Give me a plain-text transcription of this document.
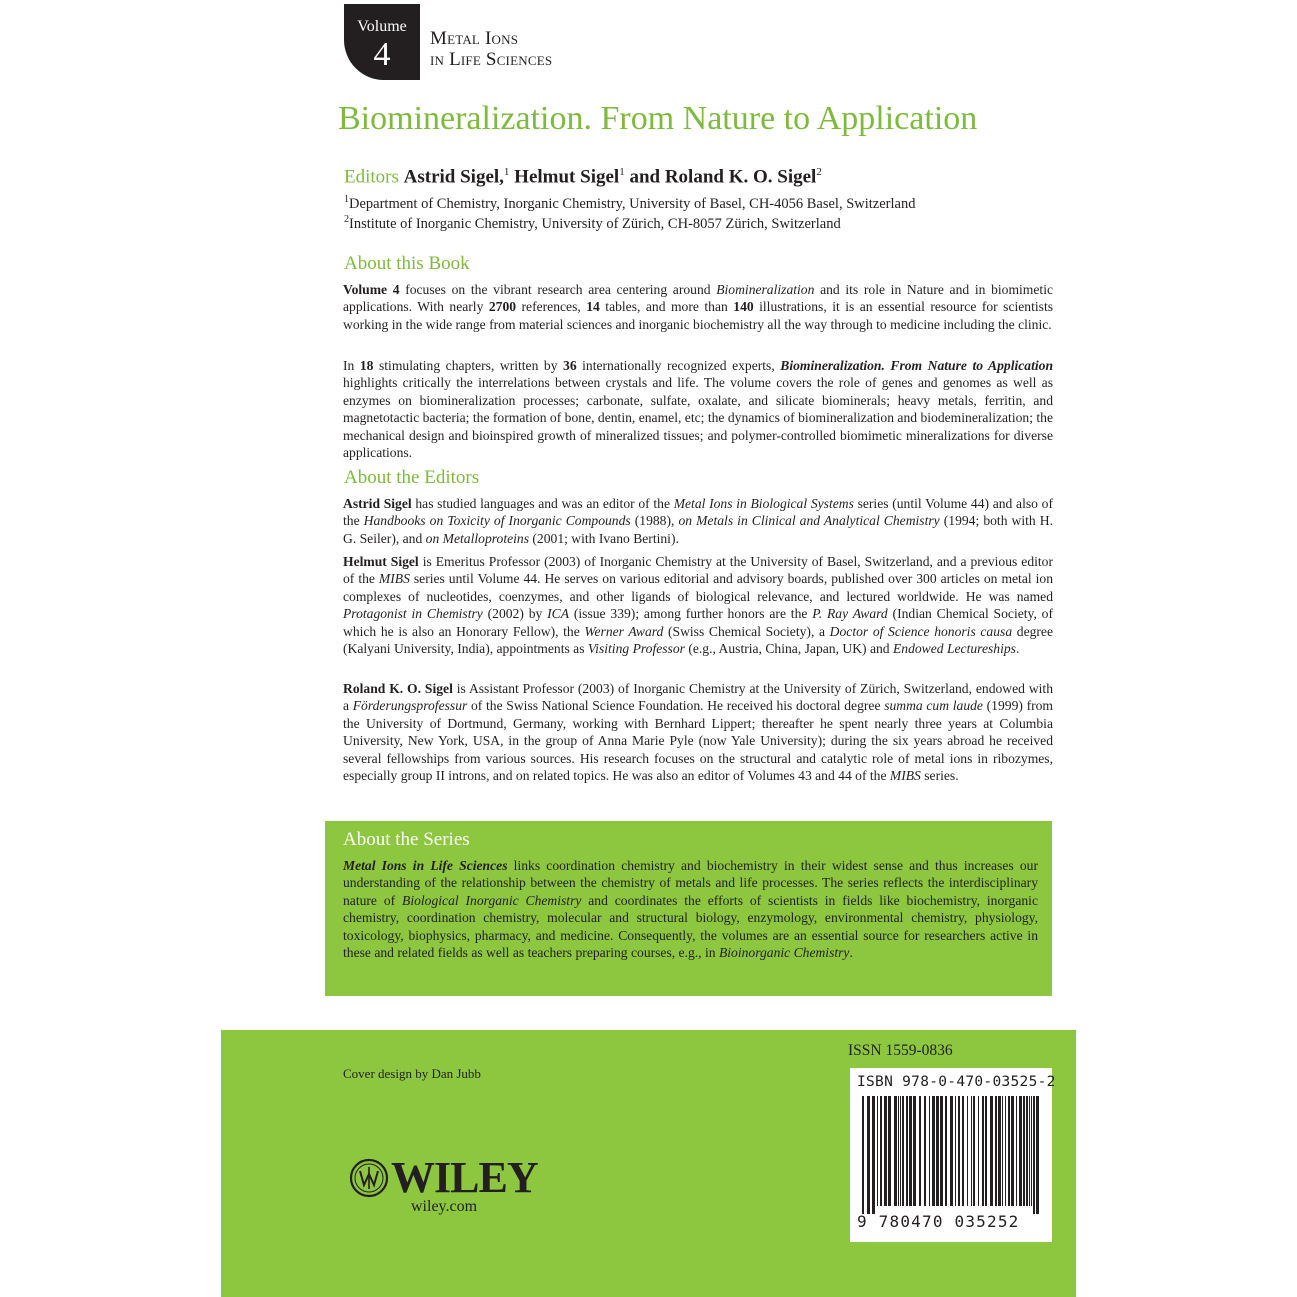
Volume
4	Metal Ions
in Life Sciences
Biomineralization. From Nature to Application
Editors Astrid Sigel,$^1$ Helmut Sigel$^1$ and Roland K. O. Sigel$^2$
$^1$Department of Chemistry, Inorganic Chemistry, University of Basel, CH-4056 Basel, Switzerland
$^2$Institute of Inorganic Chemistry, University of Zürich, CH-8057 Zürich, Switzerland
About this Book

Volume 4 focuses on the vibrant research area centering around Biomineralization and its role in Nature and in biomimetic applications. With nearly 2700 references, 14 tables, and more than 140 illustrations, it is an essential resource for scientists working in the wide range from material sciences and inorganic biochemistry all the way through to medicine including the clinic.

In 18 stimulating chapters, written by 36 internationally recognized experts, Biomineralization. From Nature to Application highlights critically the interrelations between crystals and life. The volume covers the role of genes and genomes as well as enzymes on biomineralization processes; carbonate, sulfate, oxalate, and silicate biominerals; heavy metals, ferritin, and magnetotactic bacteria; the formation of bone, dentin, enamel, etc; the dynamics of biomineralization and biodemineralization; the mechanical design and bioinspired growth of mineralized tissues; and polymer-controlled biomimetic mineralizations for diverse applications.

About the Editors

Astrid Sigel has studied languages and was an editor of the Metal Ions in Biological Systems series (until Volume 44) and also of the Handbooks on Toxicity of Inorganic Compounds (1988), on Metals in Clinical and Analytical Chemistry (1994; both with H. G. Seiler), and on Metalloproteins (2001; with Ivano Bertini).

Helmut Sigel is Emeritus Professor (2003) of Inorganic Chemistry at the University of Basel, Switzerland, and a previous editor of the MIBS series until Volume 44. He serves on various editorial and advisory boards, published over 300 articles on metal ion complexes of nucleotides, coenzymes, and other ligands of biological relevance, and lectured worldwide. He was named Protagonist in Chemistry (2002) by ICA (issue 339); among further honors are the P. Ray Award (Indian Chemical Society, of which he is also an Honorary Fellow), the Werner Award (Swiss Chemical Society), a Doctor of Science honoris causa degree (Kalyani University, India), appointments as Visiting Professor (e.g., Austria, China, Japan, UK) and Endowed Lectureships.

Roland K. O. Sigel is Assistant Professor (2003) of Inorganic Chemistry at the University of Zürich, Switzerland, endowed with a Förderungsprofessur of the Swiss National Science Foundation. He received his doctoral degree summa cum laude (1999) from the University of Dortmund, Germany, working with Bernhard Lippert; thereafter he spent nearly three years at Columbia University, New York, USA, in the group of Anna Marie Pyle (now Yale University); during the six years abroad he received several fellowships from various sources. His research focuses on the structural and catalytic role of metal ions in ribozymes, especially group II introns, and on related topics. He was also an editor of Volumes 43 and 44 of the MIBS series.

About the Series

Metal Ions in Life Sciences links coordination chemistry and biochemistry in their widest sense and thus increases our understanding of the relationship between the chemistry of metals and life processes. The series reflects the interdisciplinary nature of Biological Inorganic Chemistry and coordinates the efforts of scientists in fields like biochemistry, inorganic chemistry, coordination chemistry, molecular and structural biology, enzymology, environmental chemistry, physiology, toxicology, biophysics, pharmacy, and medicine. Consequently, the volumes are an essential source for researchers active in these and related fields as well as teachers preparing courses, e.g., in Bioinorganic Chemistry.

ISSN 1559-0836
Cover design by Dan Jubb
WILEY
wiley.com
ISBN 978-0-470-03525-2
9 780470 035252
